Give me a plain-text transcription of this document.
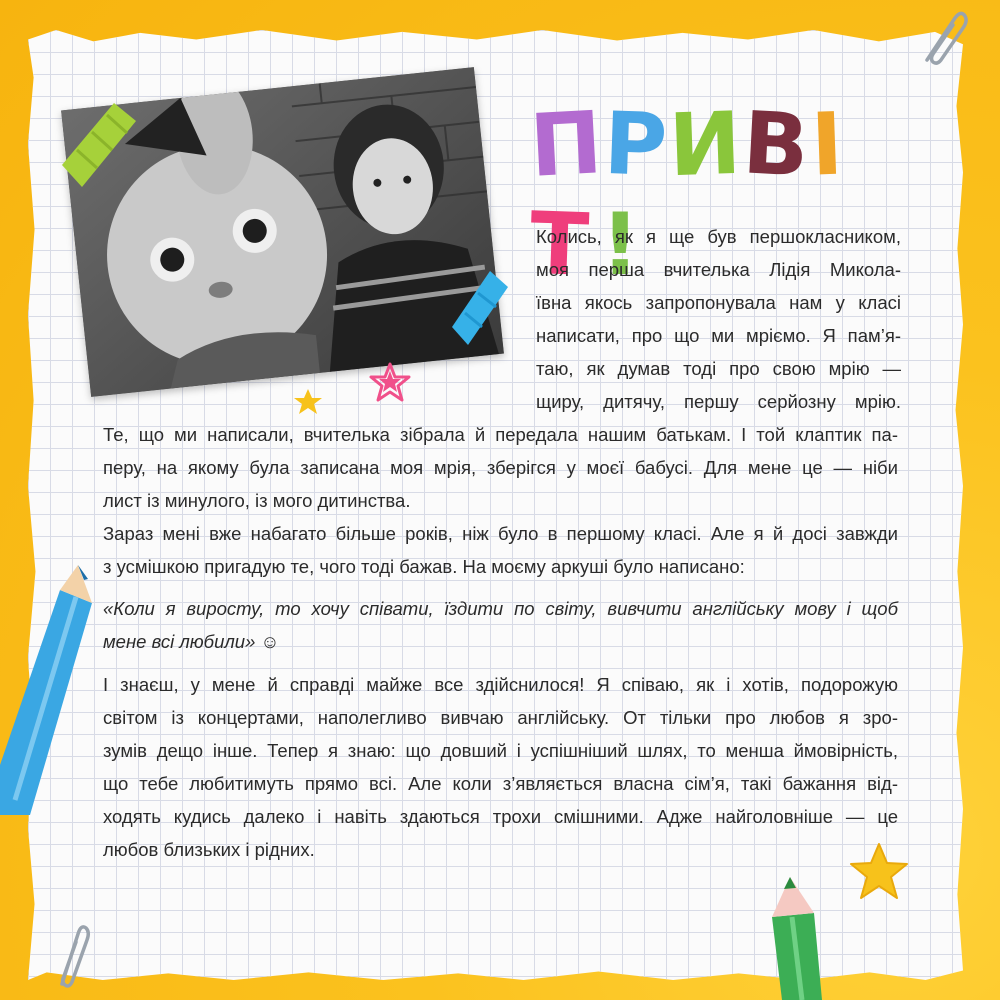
ПРИВІТ!
Колись, як я ще був першокласником,
моя перша вчителька Лідія Микола-
ївна якось запропонувала нам у класі
написати, про що ми мріємо. Я пам’я-
таю, як думав тоді про свою мрію —
щиру, дитячу, першу серйозну мрію.
Те, що ми написали, вчителька зібрала й передала нашим батькам. І той клаптик па-
перу, на якому була записана моя мрія, зберігся у моєї бабусі. Для мене це — ніби
лист із минулого, із мого дитинства.
Зараз мені вже набагато більше років, ніж було в першому класі. Але я й досі завжди
з усмішкою пригадую те, чого тоді бажав. На моєму аркуші було написано:
«Коли я виросту, то хочу співати, їздити по світу, вивчити англійську мову і щоб
мене всі любили» ☺
І знаєш, у мене й справді майже все здійснилося! Я співаю, як і хотів, подорожую
світом із концертами, наполегливо вивчаю англійську. От тільки про любов я зро-
зумів дещо інше. Тепер я знаю: що довший і успішніший шлях, то менша ймовірність,
що тебе любитимуть прямо всі. Але коли з’являється власна сім’я, такі бажання від-
ходять кудись далеко і навіть здаються трохи смішними. Адже найголовніше — це
любов близьких і рідних.
